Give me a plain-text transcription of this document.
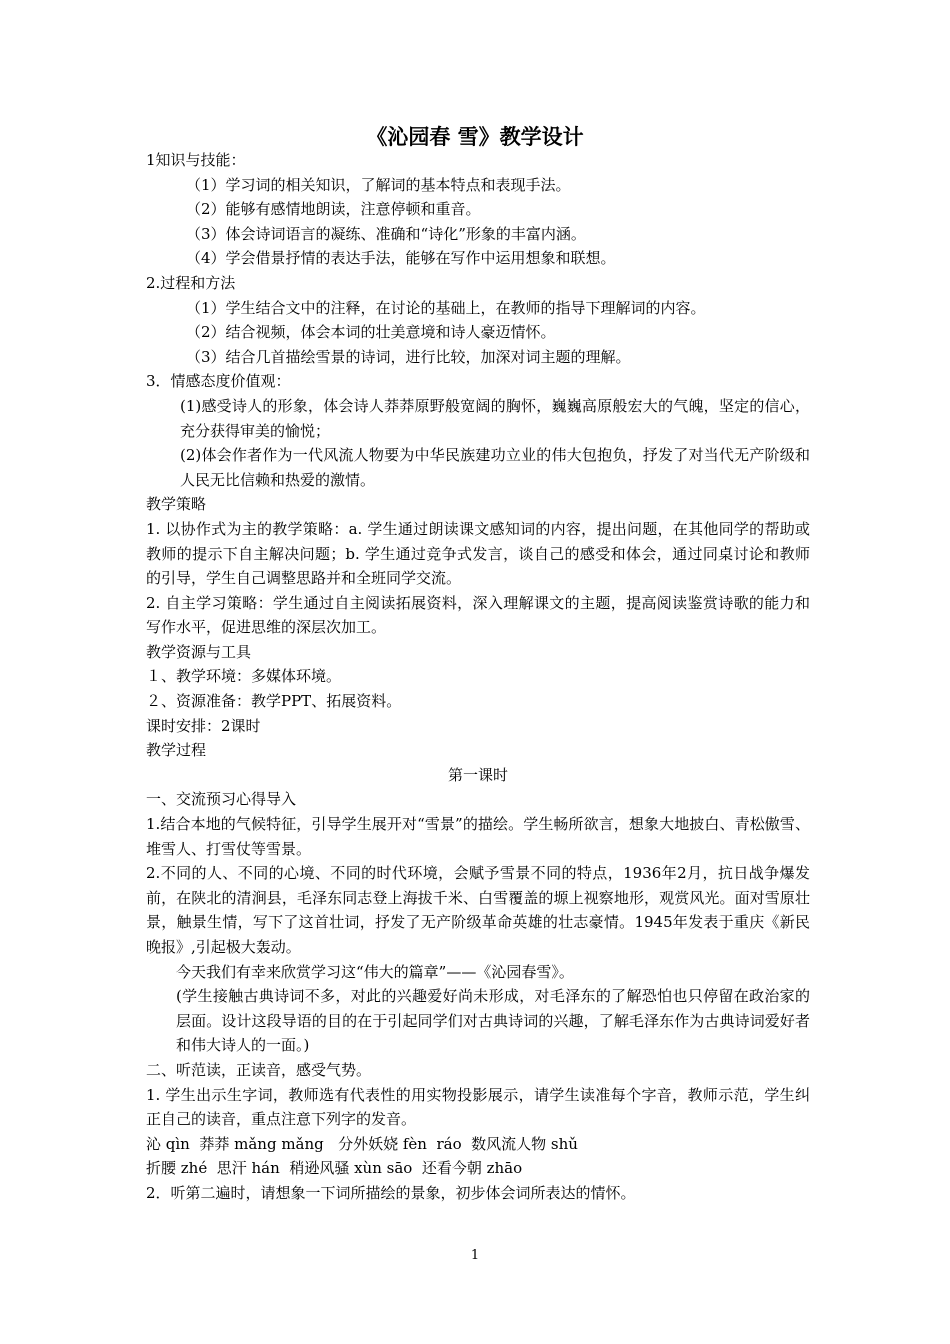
《沁园春 雪》教学设计

1知识与技能：

（1）学习词的相关知识，了解词的基本特点和表现手法。

（2）能够有感情地朗读，注意停顿和重音。

（3）体会诗词语言的凝练、准确和“诗化”形象的丰富内涵。

（4）学会借景抒情的表达手法，能够在写作中运用想象和联想。

2.过程和方法

（1）学生结合文中的注释，在讨论的基础上，在教师的指导下理解词的内容。

（2）结合视频，体会本词的壮美意境和诗人豪迈情怀。

（3）结合几首描绘雪景的诗词，进行比较，加深对词主题的理解。

3．情感态度价值观：

(1)感受诗人的形象，体会诗人莽莽原野般宽阔的胸怀，巍巍高原般宏大的气魄，坚定的信心，充分获得审美的愉悦；

(2)体会作者作为一代风流人物要为中华民族建功立业的伟大包抱负，抒发了对当代无产阶级和人民无比信赖和热爱的激情。

教学策略

1. 以协作式为主的教学策略：a. 学生通过朗读课文感知词的内容，提出问题，在其他同学的帮助或教师的提示下自主解决问题；b. 学生通过竞争式发言，谈自己的感受和体会，通过同桌讨论和教师的引导，学生自己调整思路并和全班同学交流。

2. 自主学习策略：学生通过自主阅读拓展资料，深入理解课文的主题，提高阅读鉴赏诗歌的能力和写作水平，促进思维的深层次加工。

教学资源与工具

１、教学环境：多媒体环境。

２、资源准备：教学PPT、拓展资料。

课时安排：2课时

教学过程

第一课时

一、交流预习心得导入

1.结合本地的气候特征，引导学生展开对“雪景”的描绘。学生畅所欲言，想象大地披白、青松傲雪、堆雪人、打雪仗等雪景。

2.不同的人、不同的心境、不同的时代环境，会赋予雪景不同的特点，1936年2月，抗日战争爆发前，在陕北的清涧县，毛泽东同志登上海拔千米、白雪覆盖的塬上视察地形，观赏风光。面对雪原壮景，触景生情，写下了这首壮词，抒发了无产阶级革命英雄的壮志豪情。1945年发表于重庆《新民晚报》,引起极大轰动。

今天我们有幸来欣赏学习这“伟大的篇章”——《沁园春雪》。

(学生接触古典诗词不多，对此的兴趣爱好尚未形成，对毛泽东的了解恐怕也只停留在政治家的层面。设计这段导语的目的在于引起同学们对古典诗词的兴趣，了解毛泽东作为古典诗词爱好者和伟大诗人的一面。)

二、听范读，正读音，感受气势。

1. 学生出示生字词，教师选有代表性的用实物投影展示，请学生读准每个字音，教师示范，学生纠正自己的读音，重点注意下列字的发音。

沁 qìn  莽莽 mǎng mǎng   分外妖娆 fèn  ráo  数风流人物 shǔ

折腰 zhé  思汗 hán  稍逊风骚 xùn sāo  还看今朝 zhāo

2．听第二遍时，请想象一下词所描绘的景象，初步体会词所表达的情怀。

1
